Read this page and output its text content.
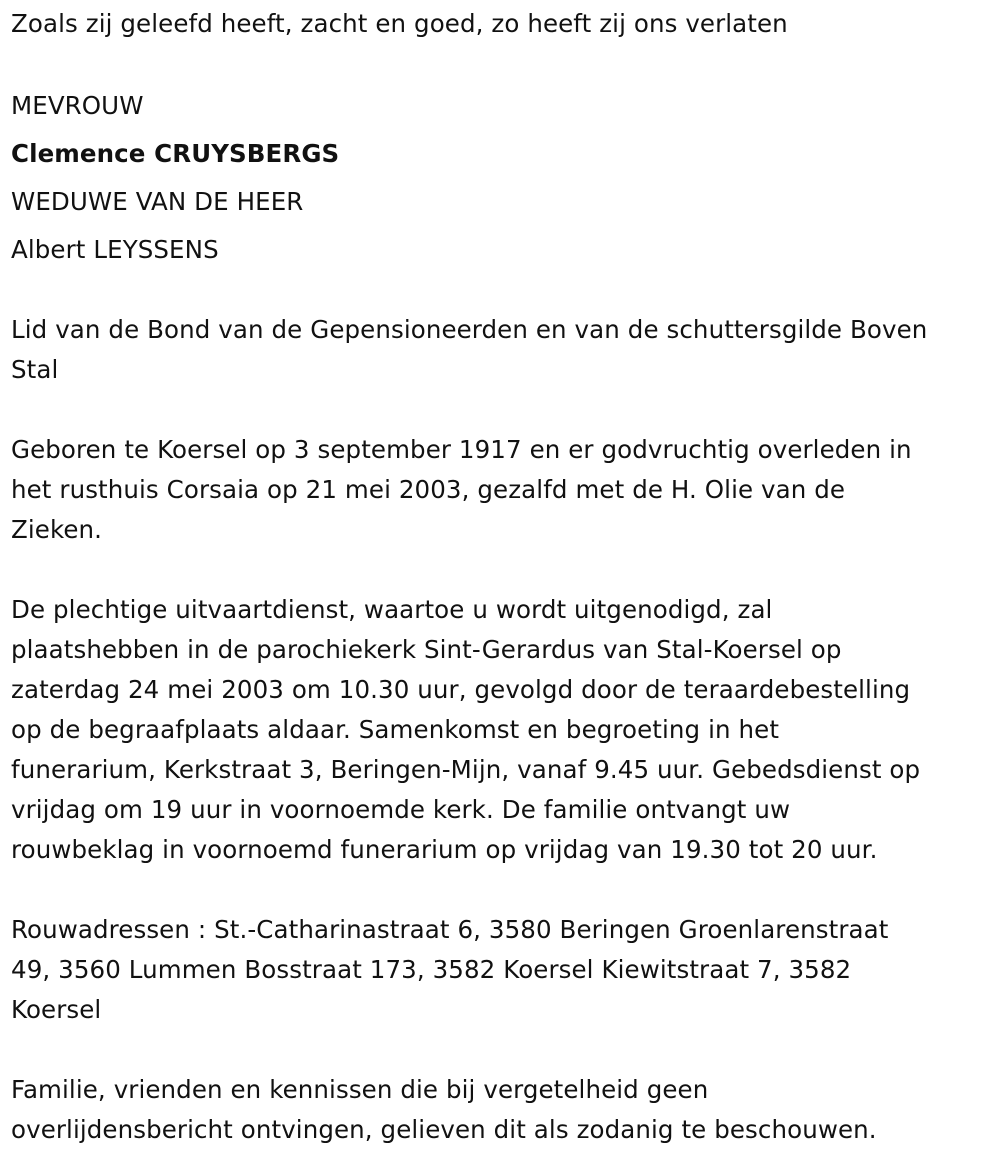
Zoals zij geleefd heeft, zacht en goed, zo heeft zij ons verlaten
MEVROUW
Clemence CRUYSBERGS
WEDUWE VAN DE HEER
Albert LEYSSENS
Lid van de Bond van de Gepensioneerden en van de schuttersgilde Boven
Stal
Geboren te Koersel op 3 september 1917 en er godvruchtig overleden in
het rusthuis Corsaia op 21 mei 2003, gezalfd met de H. Olie van de
Zieken.
De plechtige uitvaartdienst, waartoe u wordt uitgenodigd, zal
plaatshebben in de parochiekerk Sint-Gerardus van Stal-Koersel op
zaterdag 24 mei 2003 om 10.30 uur, gevolgd door de teraardebestelling
op de begraafplaats aldaar. Samenkomst en begroeting in het
funerarium, Kerkstraat 3, Beringen-Mijn, vanaf 9.45 uur. Gebedsdienst op
vrijdag om 19 uur in voornoemde kerk. De familie ontvangt uw
rouwbeklag in voornoemd funerarium op vrijdag van 19.30 tot 20 uur.
Rouwadressen : St.-Catharinastraat 6, 3580 Beringen Groenlarenstraat
49, 3560 Lummen Bosstraat 173, 3582 Koersel Kiewitstraat 7, 3582
Koersel
Familie, vrienden en kennissen die bij vergetelheid geen
overlijdensbericht ontvingen, gelieven dit als zodanig te beschouwen.
